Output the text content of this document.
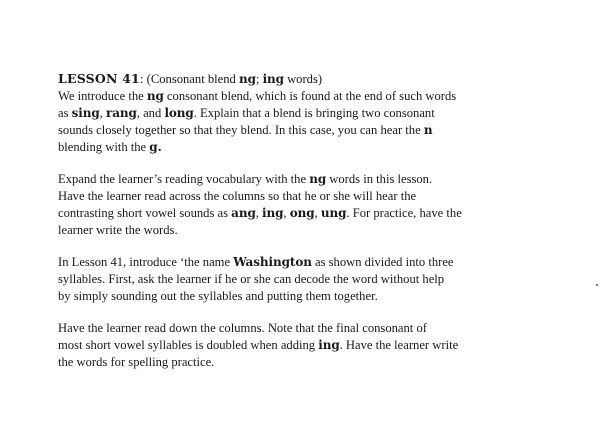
LESSON 41: (Consonant blend ng; ing words)
We introduce the ng consonant blend, which is found at the end of such words
as sing, rang, and long. Explain that a blend is bringing two consonant
sounds closely together so that they blend. In this case, you can hear the n
blending with the g.
Expand the learner’s reading vocabulary with the ng words in this lesson.
Have the learner read across the columns so that he or she will hear the
contrasting short vowel sounds as ang, ing, ong, ung. For practice, have the
learner write the words.
In Lesson 41, introduce ‘the name Washington as shown divided into three
syllables. First, ask the learner if he or she can decode the word without help
by simply sounding out the syllables and putting them together.
Have the learner read down the columns. Note that the final consonant of
most short vowel syllables is doubled when adding ing. Have the learner write
the words for spelling practice.
